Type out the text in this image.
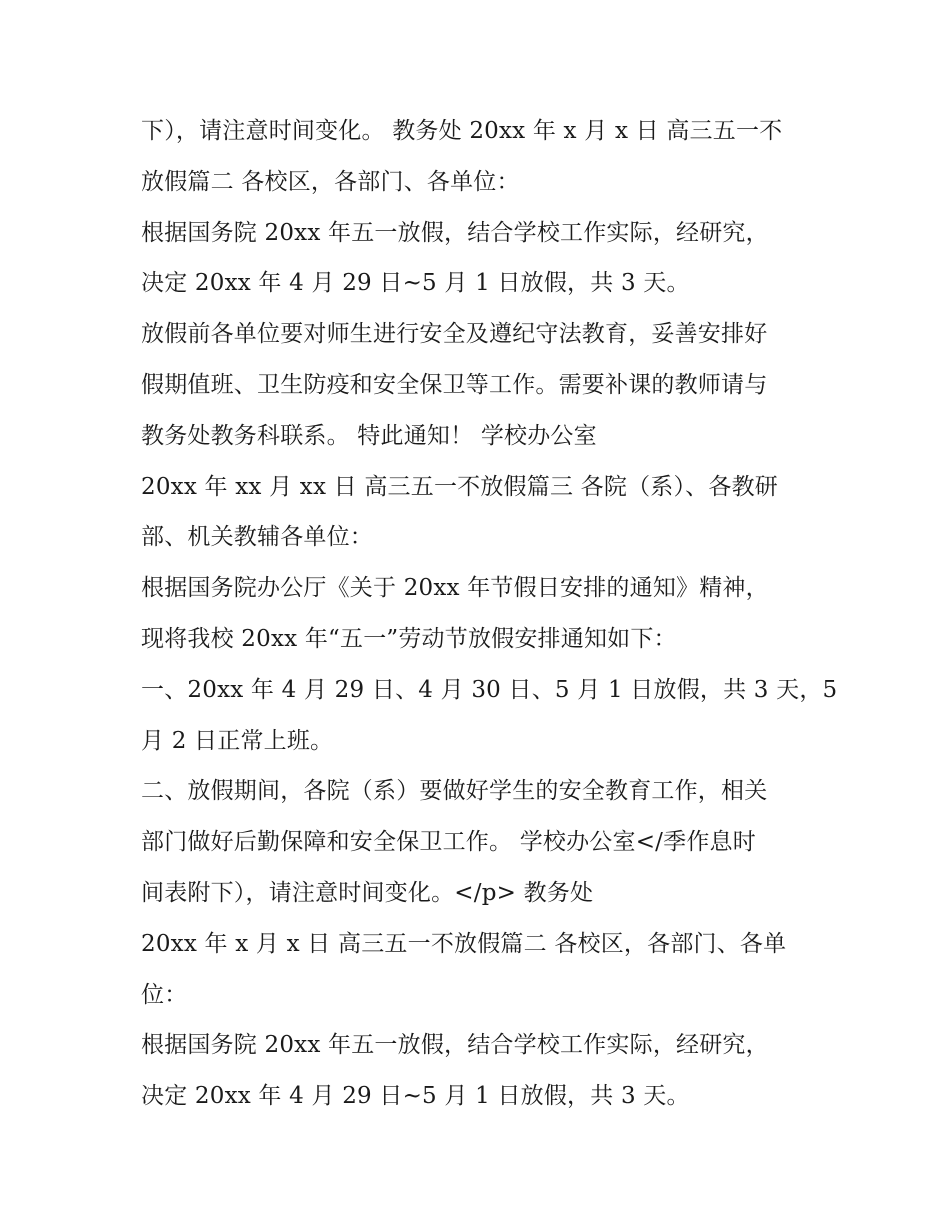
下），请注意时间变化。 教务处 20xx 年 x 月 x 日 高三五一不
放假篇二 各校区，各部门、各单位：
根据国务院 20xx 年五一放假，结合学校工作实际，经研究，
决定 20xx 年 4 月 29 日~5 月 1 日放假，共 3 天。
放假前各单位要对师生进行安全及遵纪守法教育，妥善安排好
假期值班、卫生防疫和安全保卫等工作。需要补课的教师请与
教务处教务科联系。 特此通知！ 学校办公室
20xx 年 xx 月 xx 日 高三五一不放假篇三 各院（系）、各教研
部、机关教辅各单位：
根据国务院办公厅《关于 20xx 年节假日安排的通知》精神，
现将我校 20xx 年“五一”劳动节放假安排通知如下：
一、20xx 年 4 月 29 日、4 月 30 日、5 月 1 日放假，共 3 天，5
月 2 日正常上班。
二、放假期间，各院（系）要做好学生的安全教育工作，相关
部门做好后勤保障和安全保卫工作。 学校办公室</季作息时
间表附下），请注意时间变化。</p> 教务处
20xx 年 x 月 x 日 高三五一不放假篇二 各校区，各部门、各单
位：
根据国务院 20xx 年五一放假，结合学校工作实际，经研究，
决定 20xx 年 4 月 29 日~5 月 1 日放假，共 3 天。
